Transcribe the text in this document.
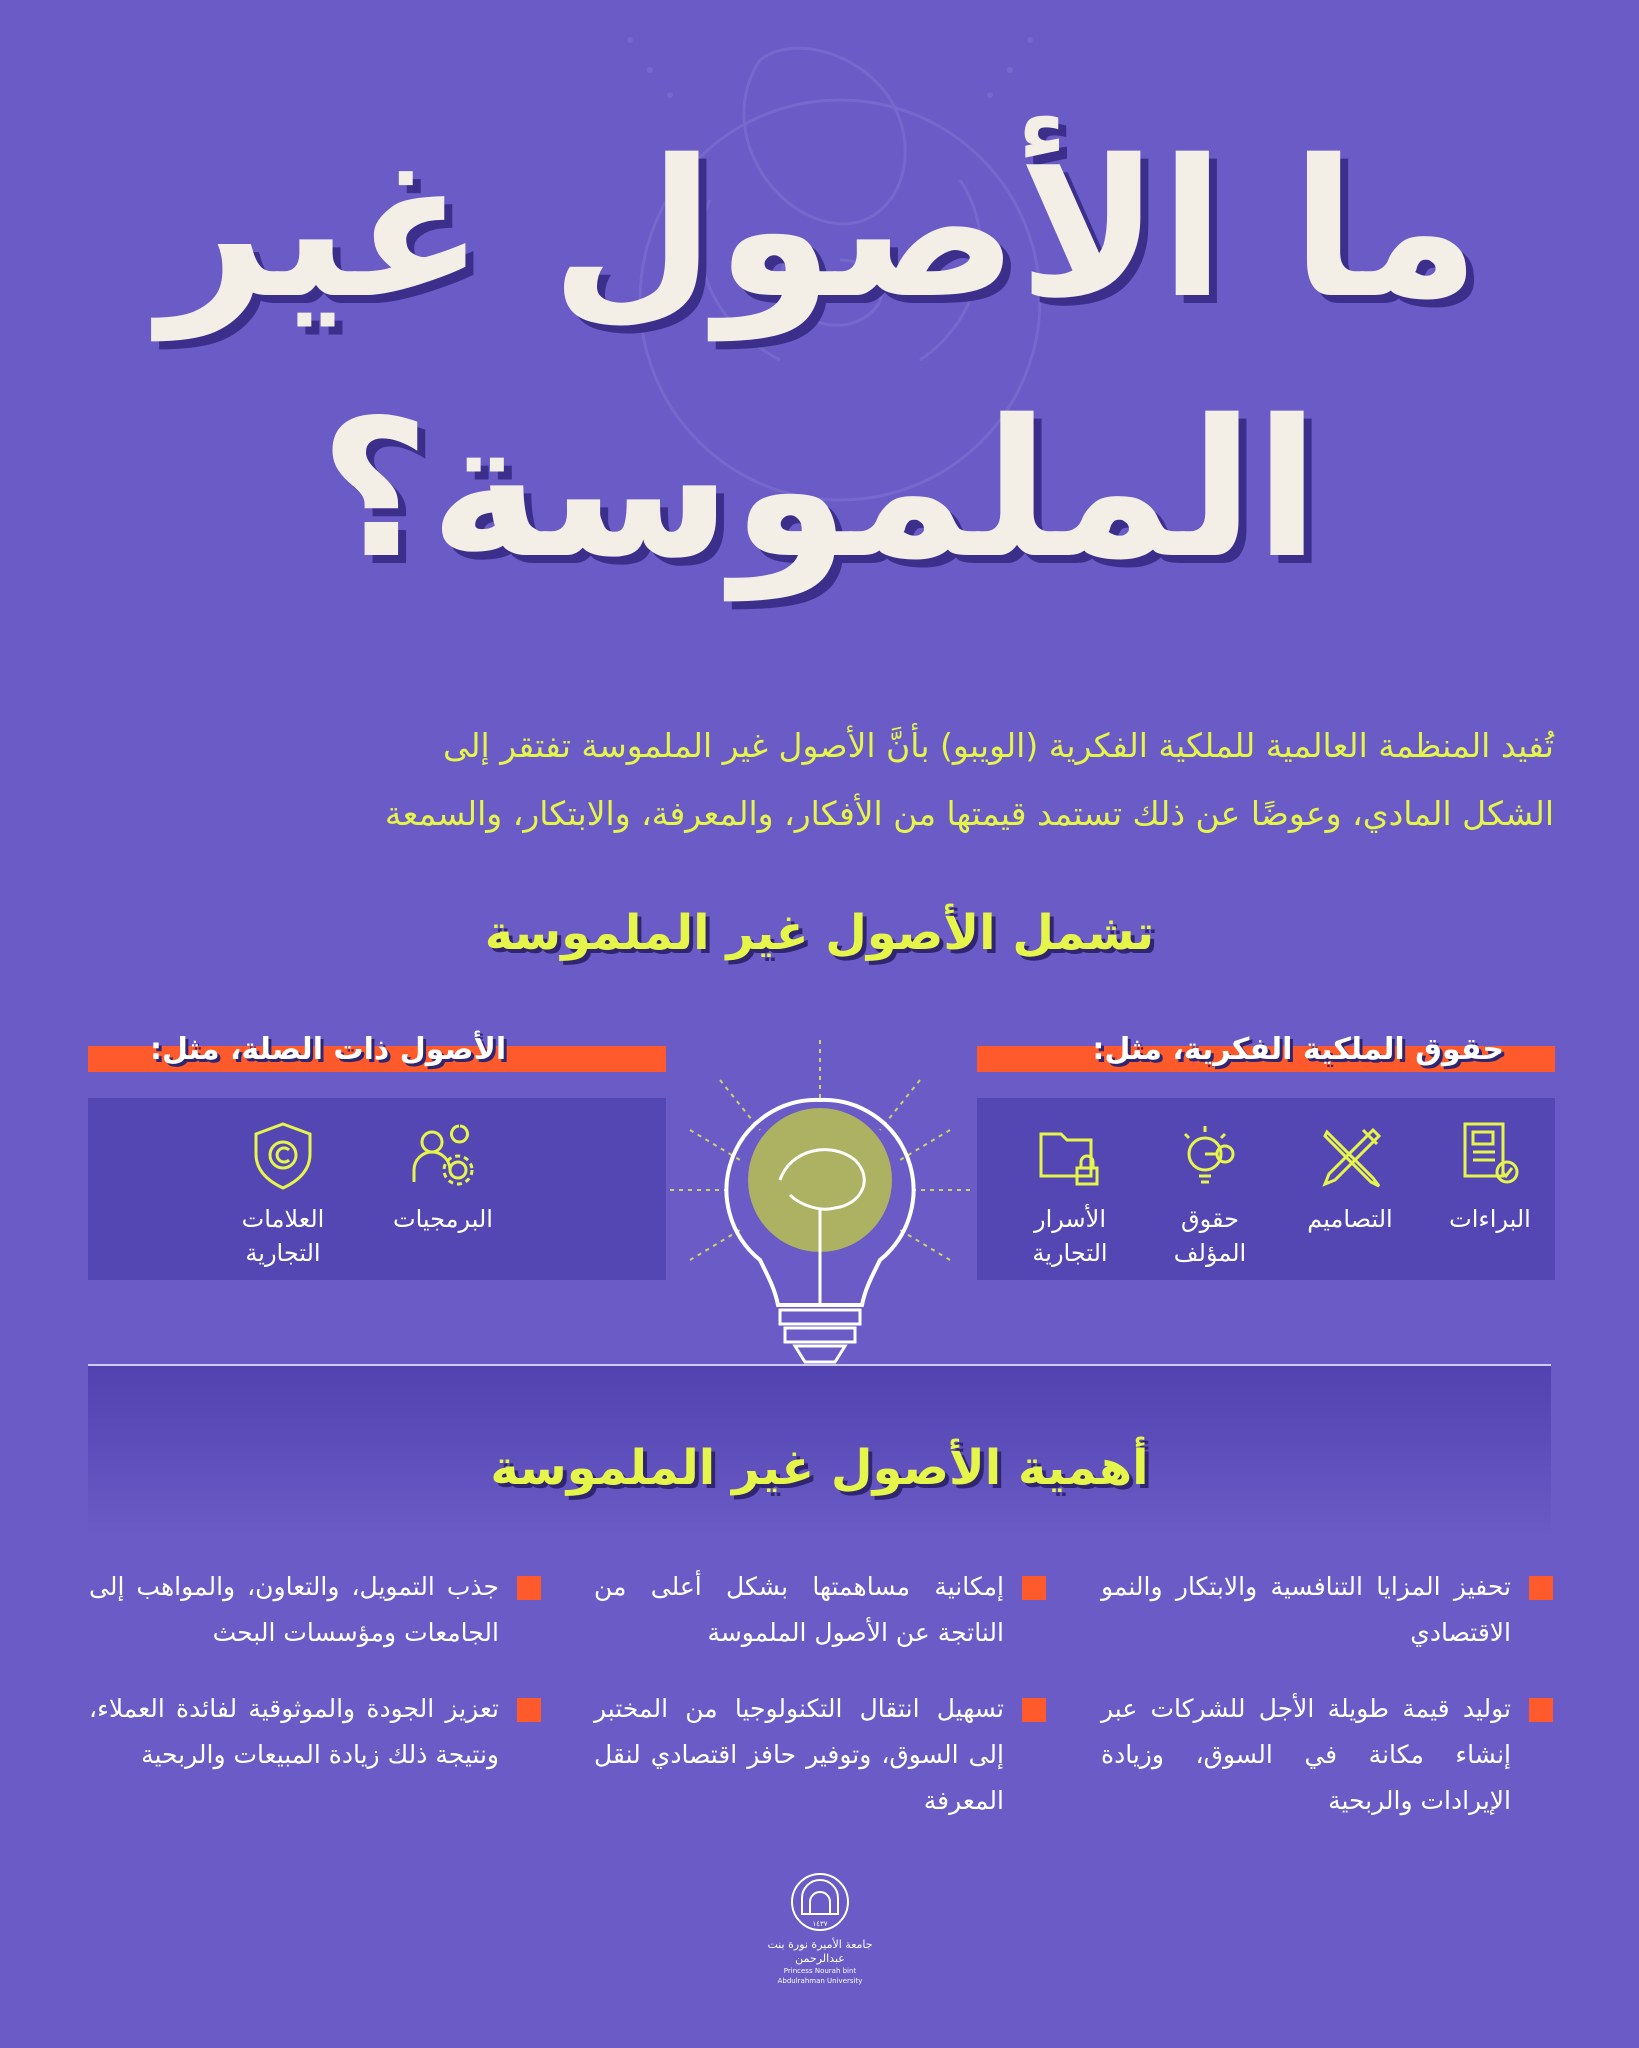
ما الأصول غير
الملموسة؟
تُفيد المنظمة العالمية للملكية الفكرية (الويبو) بأنَّ الأصول غير الملموسة تفتقر إلى
الشكل المادي، وعوضًا عن ذلك تستمد قيمتها من الأفكار، والمعرفة، والابتكار، والسمعة
تشمل الأصول غير الملموسة
حقوق الملكية الفكرية، مثل:
البراءات
التصاميم
حقوق المؤلف
الأسرار التجارية
الأصول ذات الصلة، مثل:
البرمجيات
العلامات التجارية
أهمية الأصول غير الملموسة
تحفيز المزايا التنافسية والابتكار والنمو الاقتصادي
إمكانية مساهمتها بشكل أعلى من الناتجة عن الأصول الملموسة
جذب التمويل، والتعاون، والمواهب إلى الجامعات ومؤسسات البحث
توليد قيمة طويلة الأجل للشركات عبر إنشاء مكانة في السوق، وزيادة الإيرادات والربحية
تسهيل انتقال التكنولوجيا من المختبر إلى السوق، وتوفير حافز اقتصادي لنقل المعرفة
تعزيز الجودة والموثوقية لفائدة العملاء، ونتيجة ذلك زيادة المبيعات والربحية
١٤٣٧
جامعة الأميرة نورة بنت عبدالرحمن
Princess Nourah bint Abdulrahman University
